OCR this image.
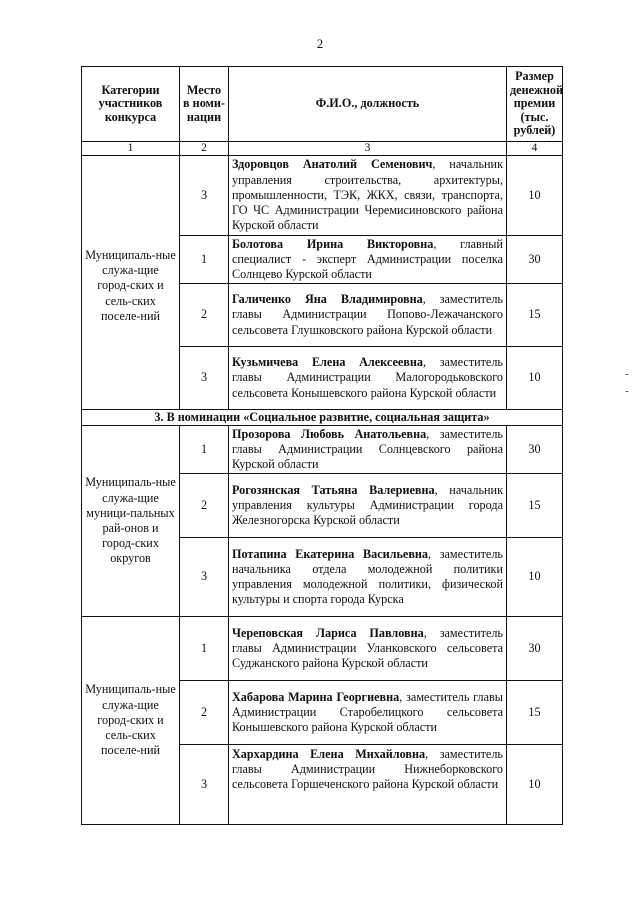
2
-
-
Категории участников конкурса	Место в номи-нации	Ф.И.О., должность	Размер денежной премии (тыс. рублей)
1	2	3	4
Муниципаль-ные служа-щие город-ских и сель-ских поселе-ний	3	Здоровцов Анатолий Семенович, начальник управления строительства, архитектуры, промышленности, ТЭК, ЖКХ, связи, транспорта, ГО ЧС Администрации Черемисиновского района Курской области	10
	1	Болотова Ирина Викторовна, главный специалист - эксперт Администрации поселка Солнцево Курской области	30
	2	Галиченко Яна Владимировна, заместитель главы Администрации Попово-Лежачанского сельсовета Глушковского района Курской области	15
	3	Кузьмичева Елена Алексеевна, заместитель главы Администрации Малогородьковского сельсовета Конышевского района Курской области	10
3. В номинации «Социальное развитие, социальная защита»			
Муниципаль-ные служа-щие муници-пальных рай-онов и город-ских округов	1	Прозорова Любовь Анатольевна, заместитель главы Администрации Солнцевского района Курской области	30
	2	Рогозянская Татьяна Валериевна, начальник управления культуры Администрации города Железногорска Курской области	15
	3	Потапина Екатерина Васильевна, заместитель начальника отдела молодежной политики управления молодежной политики, физической культуры и спорта города Курска	10
Муниципаль-ные служа-щие город-ских и сель-ских поселе-ний	1	Череповская Лариса Павловна, заместитель главы Администрации Уланковского сельсовета Суджанского района Курской области	30
	2	Хабарова Марина Георгиевна, заместитель главы Администрации Старобелицкого сельсовета Конышевского района Курской области	15
	3	Хархардина Елена Михайловна, заместитель главы Администрации Нижнеборковского сельсовета Горшеченского района Курской области	10
